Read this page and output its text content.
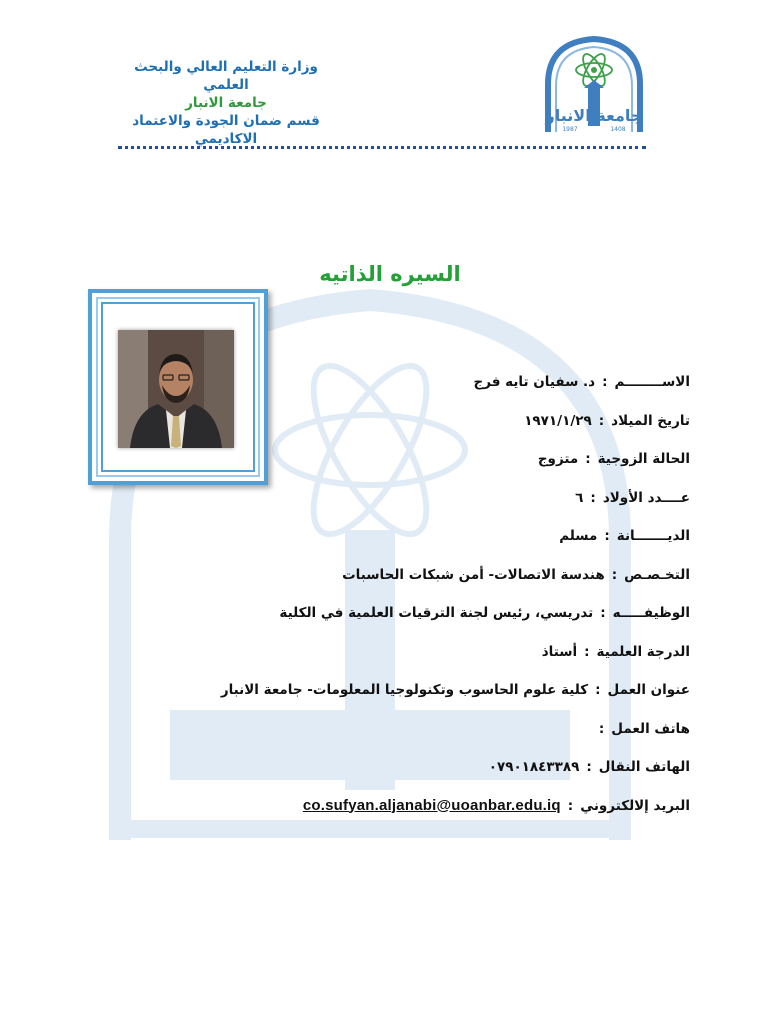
وزارة التعليم العالي والبحث العلمي
جامعة الانبار
قسم ضمان الجودة والاعتماد
الاكاديمي
جامعة الانبار
1987	1408
السيره الذاتيه
الاســــــــم:د. سفيان تايه فرج
تاريخ الميلاد:١٩٧١/١/٢٩
الحالة الزوجية:متزوج
عــــدد الأولاد:٦
الديـــــــانة:مسلم
التخـصـص:هندسة الاتصالات- أمن شبكات الحاسبات
الوظيفـــــه:تدريسي، رئيس لجنة الترقيات العلمية في الكلية
الدرجة العلمية:أستاذ
عنوان العمل:كلية علوم الحاسوب وتكنولوجيا المعلومات- جامعة الانبار
هاتف العمل:
الهاتف النقال:٠٧٩٠١٨٤٣٣٨٩
البريد إلالكتروني:co.sufyan.aljanabi@uoanbar.edu.iq
